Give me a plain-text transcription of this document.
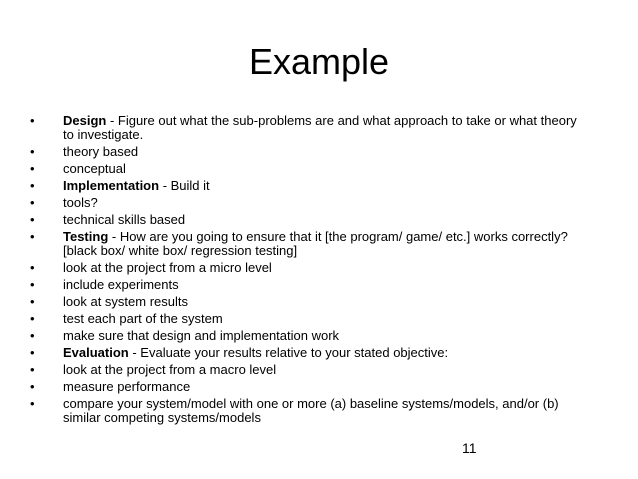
Example
• Design - Figure out what the sub-problems are and what approach to take or what theory to investigate.
• theory based
• conceptual
• Implementation - Build it
• tools?
• technical skills based
• Testing - How are you going to ensure that it [the program/ game/ etc.] works correctly? [black box/ white box/ regression testing]
• look at the project from a micro level
• include experiments
• look at system results
• test each part of the system
• make sure that design and implementation work
• Evaluation - Evaluate your results relative to your stated objective:
• look at the project from a macro level
• measure performance
• compare your system/model with one or more (a) baseline systems/models, and/or (b) similar competing systems/models
11
